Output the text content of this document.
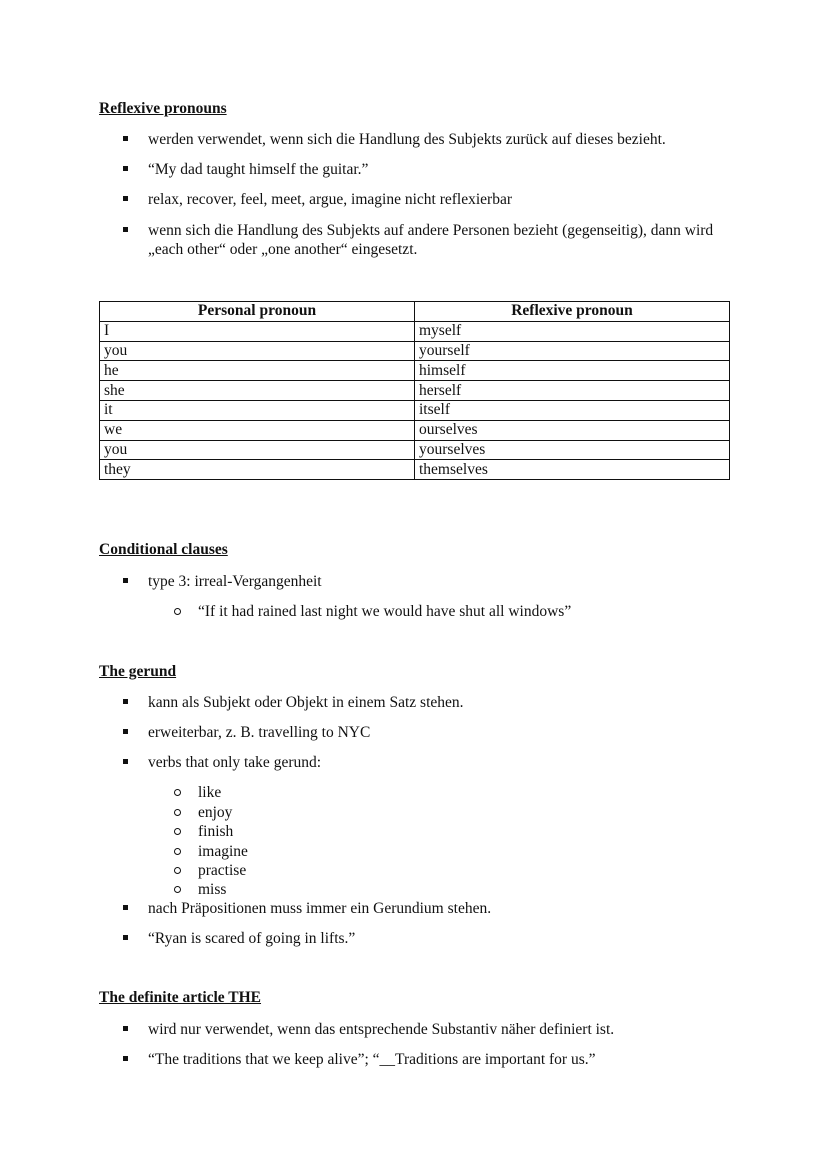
Reflexive pronouns
werden verwendet, wenn sich die Handlung des Subjekts zurück auf dieses bezieht.
“My dad taught himself the guitar.”
relax, recover, feel, meet, argue, imagine nicht reflexierbar
wenn sich die Handlung des Subjekts auf andere Personen bezieht (gegenseitig), dann wird „each other“ oder „one another“ eingesetzt.
Personal pronoun	Reflexive pronoun
I	myself
you	yourself
he	himself
she	herself
it	itself
we	ourselves
you	yourselves
they	themselves
Conditional clauses
type 3: irreal-Vergangenheit
“If it had rained last night we would have shut all windows”
The gerund
kann als Subjekt oder Objekt in einem Satz stehen.
erweiterbar, z. B. travelling to NYC
verbs that only take gerund:
like
enjoy
finish
imagine
practise
miss
nach Präpositionen muss immer ein Gerundium stehen.
“Ryan is scared of going in lifts.”
The definite article THE
wird nur verwendet, wenn das entsprechende Substantiv näher definiert ist.
“The traditions that we keep alive”; “__Traditions are important for us.”
